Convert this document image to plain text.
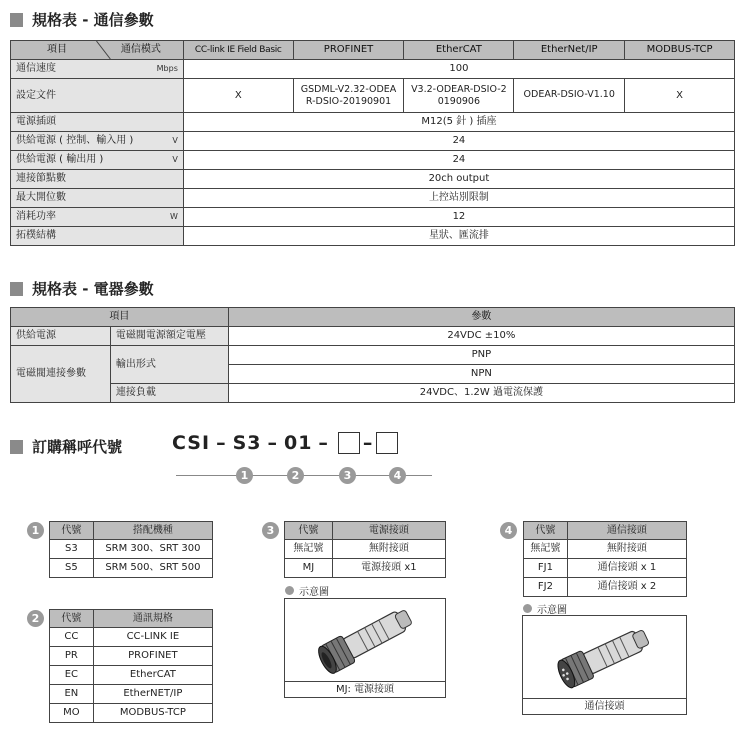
規格表 - 通信參數
項目 通信模式	CC-link IE Field Basic	PROFINET	EtherCAT	EtherNet/IP	MODBUS-TCP

通信速度 Mbps	100				
設定文件	X	GSDML-V2.32-ODEAR-DSIO-20190901	V3.2-ODEAR-DSIO-20190906	ODEAR-DSIO-V1.10	X
電源插頭	M12(5 針 ) 插座				

供給電源 ( 控制、輸入用 ) V	24				

供給電源 ( 輸出用 ) V	24				
連接節點數	20ch output				
最大開位數	上控站別限制				

消耗功率 W	12				
拓樸結構	星狀、匯流排				
規格表 - 電器參數
項目		參數
供給電源	電磁閥電源額定電壓	24VDC ±10%
電磁閥連接參數	輸出形式	PNP
		NPN
	連接負載	24VDC、1.2W 過電流保護
訂購稱呼代號	CSI – S3 – 01 – –
1	2	3	4
1	代號	搭配機種
S3	SRM 300、SRT 300
S5	SRM 500、SRT 500
2	代號	通訊規格
CC	CC-LINK IE
PR	PROFINET
EC	EtherCAT
EN	EtherNET/IP
MO	MODBUS-TCP
3	代號	電源接頭
無記號	無附接頭
MJ	電源接頭 x1
示意圖
MJ: 電源接頭
4	代號	通信接頭
無記號	無附接頭
FJ1	通信接頭 x 1
FJ2	通信接頭 x 2
示意圖
通信接頭
